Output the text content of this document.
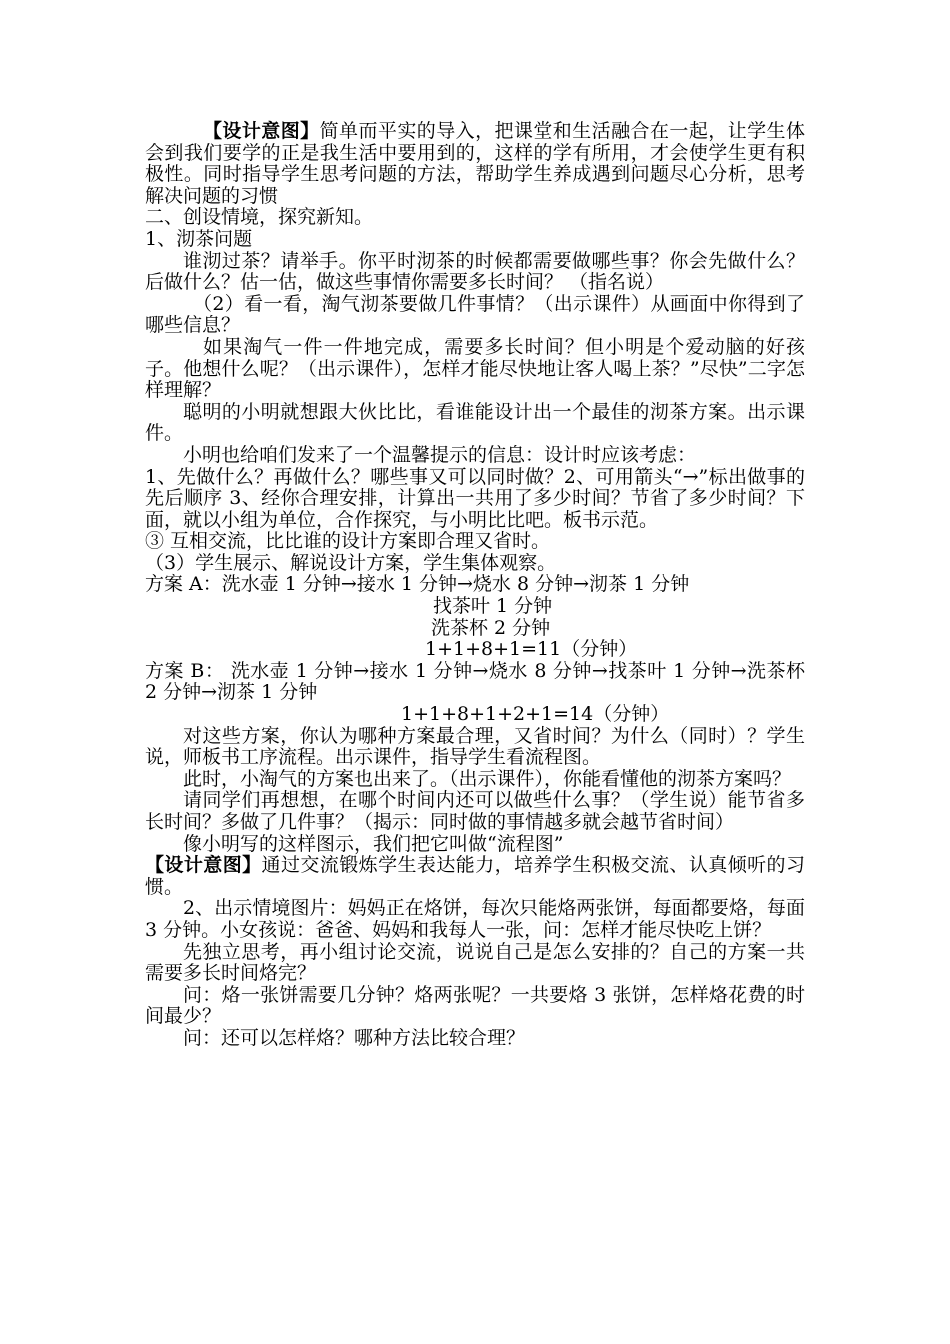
【设计意图】简单而平实的导入，把课堂和生活融合在一起，让学生体会到我们要学的正是我生活中要用到的，这样的学有所用，才会使学生更有积极性。同时指导学生思考问题的方法，帮助学生养成遇到问题尽心分析，思考解决问题的习惯

二、创设情境，探究新知。

1、沏茶问题

谁沏过茶？请举手。你平时沏茶的时候都需要做哪些事？你会先做什么？后做什么？估一估，做这些事情你需要多长时间？ （指名说）

（2）看一看，淘气沏茶要做几件事情？（出示课件）从画面中你得到了哪些信息？

如果淘气一件一件地完成，需要多长时间？但小明是个爱动脑的好孩子。他想什么呢？（出示课件），怎样才能尽快地让客人喝上茶？”尽快”二字怎样理解？

聪明的小明就想跟大伙比比，看谁能设计出一个最佳的沏茶方案。出示课件。

小明也给咱们发来了一个温馨提示的信息：设计时应该考虑：

1、先做什么？再做什么？哪些事又可以同时做？2、可用箭头“→”标出做事的先后顺序 3、经你合理安排，计算出一共用了多少时间？节省了多少时间？下面，就以小组为单位，合作探究，与小明比比吧。板书示范。

③ 互相交流，比比谁的设计方案即合理又省时。

（3）学生展示、解说设计方案，学生集体观察。

方案 A：洗水壶 1 分钟→接水 1 分钟→烧水 8 分钟→沏茶 1 分钟

找茶叶 1 分钟

洗茶杯 2 分钟

1+1+8+1=11（分钟）

方案 B： 洗水壶 1 分钟→接水 1 分钟→烧水 8 分钟→找茶叶 1 分钟→洗茶杯 2 分钟→沏茶 1 分钟

1+1+8+1+2+1=14（分钟）

对这些方案，你认为哪种方案最合理，又省时间？为什么（同时）？学生说，师板书工序流程。出示课件，指导学生看流程图。

此时，小淘气的方案也出来了。（出示课件），你能看懂他的沏茶方案吗？

请同学们再想想，在哪个时间内还可以做些什么事？（学生说）能节省多长时间？多做了几件事？（揭示：同时做的事情越多就会越节省时间）

像小明写的这样图示，我们把它叫做“流程图”

【设计意图】通过交流锻炼学生表达能力，培养学生积极交流、认真倾听的习惯。

2、出示情境图片：妈妈正在烙饼，每次只能烙两张饼，每面都要烙，每面 3 分钟。小女孩说：爸爸、妈妈和我每人一张，问：怎样才能尽快吃上饼？

先独立思考，再小组讨论交流，说说自己是怎么安排的？自己的方案一共需要多长时间烙完？

问：烙一张饼需要几分钟？烙两张呢？一共要烙 3 张饼，怎样烙花费的时间最少？

问：还可以怎样烙？哪种方法比较合理？
